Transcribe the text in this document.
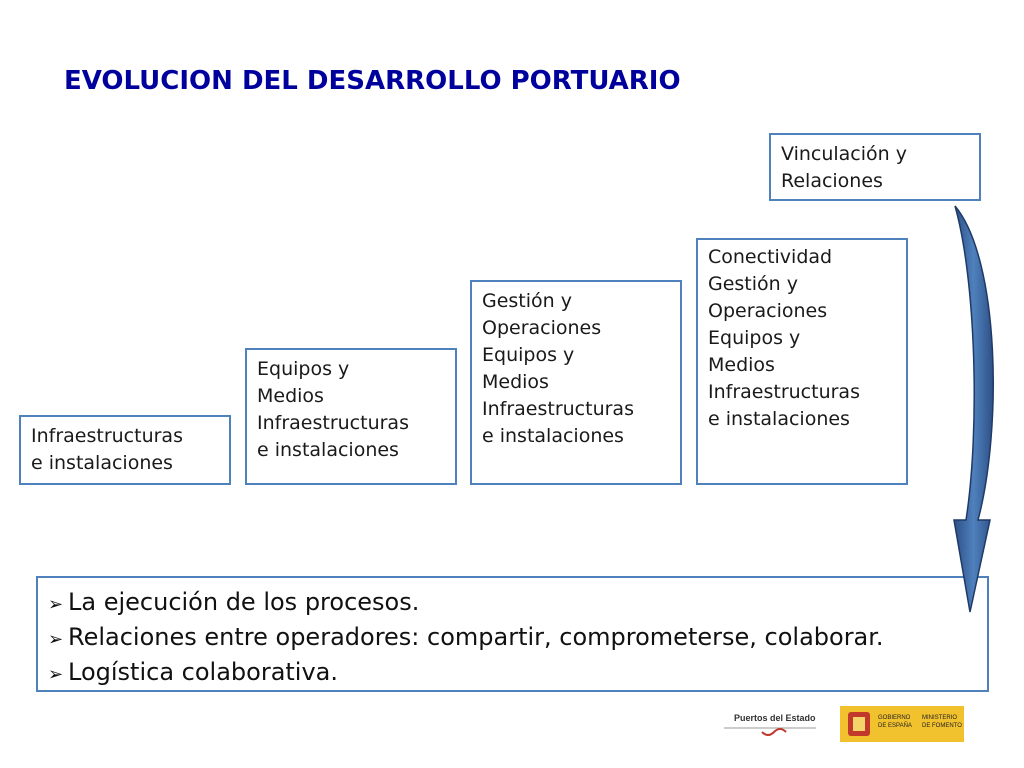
EVOLUCION DEL DESARROLLO PORTUARIO
Infraestructuras
e instalaciones
Equipos y
Medios
Infraestructuras
e instalaciones
Gestión y
Operaciones
Equipos y
Medios
Infraestructuras
e instalaciones
Conectividad
Gestión y
Operaciones
Equipos y
Medios
Infraestructuras
e instalaciones
Vinculación y
Relaciones
➢ La ejecución de los procesos.
➢ Relaciones entre operadores: compartir, comprometerse, colaborar.
➢ Logística colaborativa.
Puertos del Estado	GOBIERNO
DE ESPAÑA
MINISTERIO
DE FOMENTO
